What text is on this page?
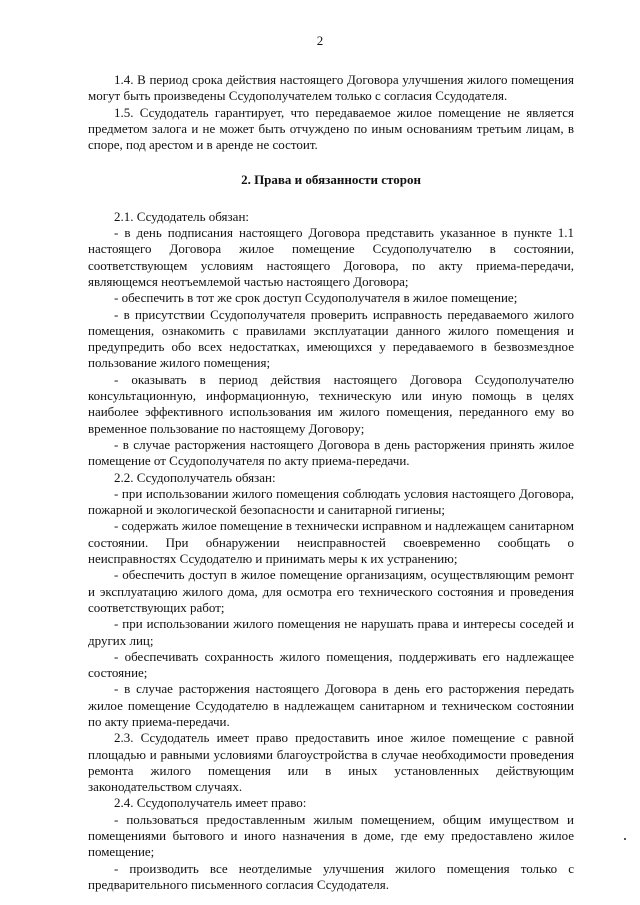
2

1.4. В период срока действия настоящего Договора улучшения жилого помещения могут быть произведены Ссудополучателем только с согласия Ссудодателя.

1.5. Ссудодатель гарантирует, что передаваемое жилое помещение не является предметом залога и не может быть отчуждено по иным основаниям третьим лицам, в споре, под арестом и в аренде не состоит.

2. Права и обязанности сторон

2.1. Ссудодатель обязан:

- в день подписания настоящего Договора представить указанное в пункте 1.1 настоящего Договора жилое помещение Ссудополучателю в состоянии, соответствующем условиям настоящего Договора, по акту приема-передачи, являющемся неотъемлемой частью настоящего Договора;

- обеспечить в тот же срок доступ Ссудополучателя в жилое помещение;

- в присутствии Ссудополучателя проверить исправность передаваемого жилого помещения, ознакомить с правилами эксплуатации данного жилого помещения и предупредить обо всех недостатках, имеющихся у передаваемого в безвозмездное пользование жилого помещения;

- оказывать в период действия настоящего Договора Ссудополучателю консультационную, информационную, техническую или иную помощь в целях наиболее эффективного использования им жилого помещения, переданного ему во временное пользование по настоящему Договору;

- в случае расторжения настоящего Договора в день расторжения принять жилое помещение от Ссудополучателя по акту приема-передачи.

2.2. Ссудополучатель обязан:

- при использовании жилого помещения соблюдать условия настоящего Договора, пожарной и экологической безопасности и санитарной гигиены;

- содержать жилое помещение в технически исправном и надлежащем санитарном состоянии. При обнаружении неисправностей своевременно сообщать о неисправностях Ссудодателю и принимать меры к их устранению;

- обеспечить доступ в жилое помещение организациям, осуществляющим ремонт и эксплуатацию жилого дома, для осмотра его технического состояния и проведения соответствующих работ;

- при использовании жилого помещения не нарушать права и интересы соседей и других лиц;

- обеспечивать сохранность жилого помещения, поддерживать его надлежащее состояние;

- в случае расторжения настоящего Договора в день его расторжения передать жилое помещение Ссудодателю в надлежащем санитарном и техническом состоянии по акту приема-передачи.

2.3. Ссудодатель имеет право предоставить иное жилое помещение с равной площадью и равными условиями благоустройства в случае необходимости проведения ремонта жилого помещения или в иных установленных действующим законодательством случаях.

2.4. Ссудополучатель имеет право:

- пользоваться предоставленным жилым помещением, общим имуществом и помещениями бытового и иного назначения в доме, где ему предоставлено жилое помещение;

- производить все неотделимые улучшения жилого помещения только с предварительного письменного согласия Ссудодателя.
